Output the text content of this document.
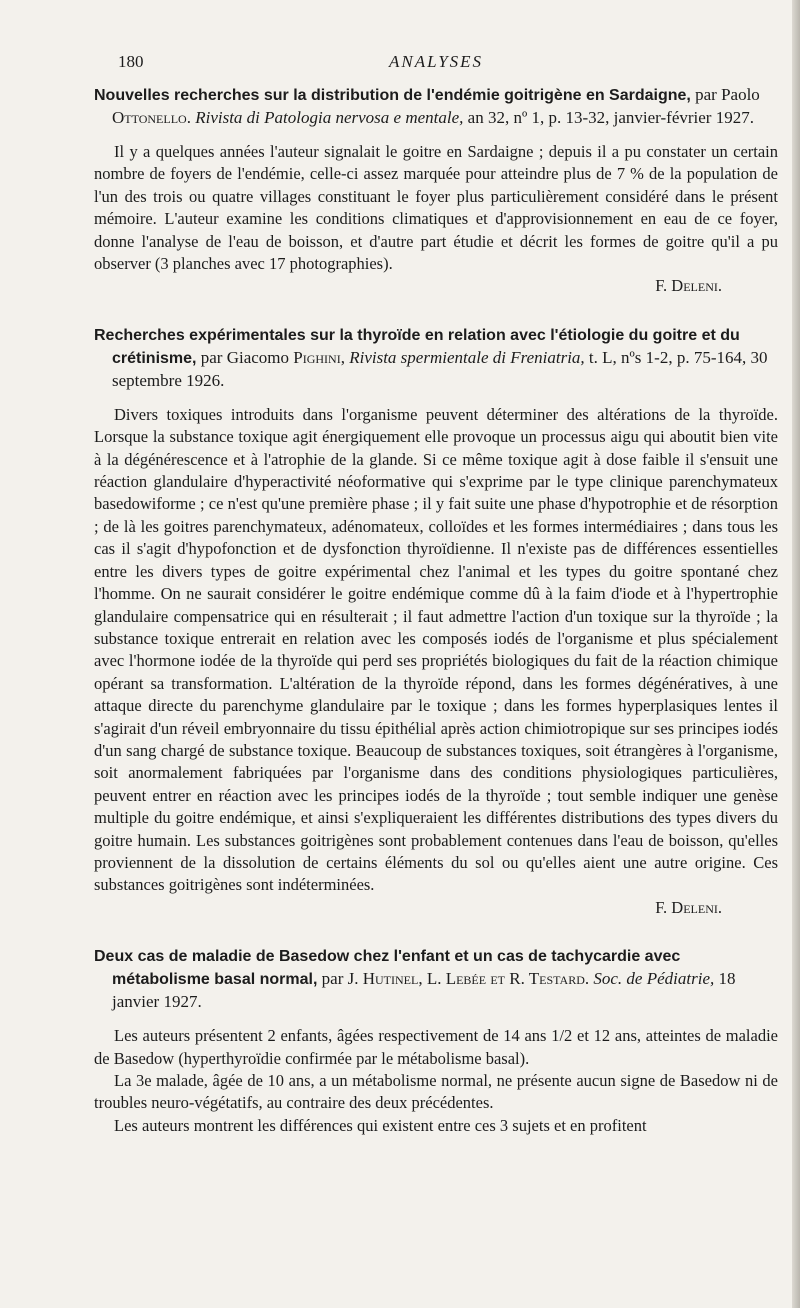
180	ANALYSES

Nouvelles recherches sur la distribution de l'endémie goitrigène en Sardaigne, par Paolo Ottonello. Rivista di Patologia nervosa e mentale, an 32, nº 1, p. 13-32, janvier-février 1927.

Il y a quelques années l'auteur signalait le goitre en Sardaigne ; depuis il a pu constater un certain nombre de foyers de l'endémie, celle-ci assez marquée pour atteindre plus de 7 % de la population de l'un des trois ou quatre villages constituant le foyer plus particulièrement considéré dans le présent mémoire. L'auteur examine les conditions climatiques et d'approvisionnement en eau de ce foyer, donne l'analyse de l'eau de boisson, et d'autre part étudie et décrit les formes de goitre qu'il a pu observer (3 planches avec 17 photographies).

F. Deleni.

Recherches expérimentales sur la thyroïde en relation avec l'étiologie du goitre et du crétinisme, par Giacomo Pighini, Rivista spermientale di Freniatria, t. L, nºs 1-2, p. 75-164, 30 septembre 1926.

Divers toxiques introduits dans l'organisme peuvent déterminer des altérations de la thyroïde. Lorsque la substance toxique agit énergiquement elle provoque un processus aigu qui aboutit bien vite à la dégénérescence et à l'atrophie de la glande. Si ce même toxique agit à dose faible il s'ensuit une réaction glandulaire d'hyperactivité néoformative qui s'exprime par le type clinique parenchymateux basedowiforme ; ce n'est qu'une première phase ; il y fait suite une phase d'hypotrophie et de résorption ; de là les goitres parenchymateux, adénomateux, colloïdes et les formes intermédiaires ; dans tous les cas il s'agit d'hypofonction et de dysfonction thyroïdienne. Il n'existe pas de différences essentielles entre les divers types de goitre expérimental chez l'animal et les types du goitre spontané chez l'homme. On ne saurait considérer le goitre endémique comme dû à la faim d'iode et à l'hypertrophie glandulaire compensatrice qui en résulterait ; il faut admettre l'action d'un toxique sur la thyroïde ; la substance toxique entrerait en relation avec les composés iodés de l'organisme et plus spécialement avec l'hormone iodée de la thyroïde qui perd ses propriétés biologiques du fait de la réaction chimique opérant sa transformation. L'altération de la thyroïde répond, dans les formes dégénératives, à une attaque directe du parenchyme glandulaire par le toxique ; dans les formes hyperplasiques lentes il s'agirait d'un réveil embryonnaire du tissu épithélial après action chimiotropique sur ses principes iodés d'un sang chargé de substance toxique. Beaucoup de substances toxiques, soit étrangères à l'organisme, soit anormalement fabriquées par l'organisme dans des conditions physiologiques particulières, peuvent entrer en réaction avec les principes iodés de la thyroïde ; tout semble indiquer une genèse multiple du goitre endémique, et ainsi s'expliqueraient les différentes distributions des types divers du goitre humain. Les substances goitrigènes sont probablement contenues dans l'eau de boisson, qu'elles proviennent de la dissolution de certains éléments du sol ou qu'elles aient une autre origine. Ces substances goitrigènes sont indéterminées.

F. Deleni.

Deux cas de maladie de Basedow chez l'enfant et un cas de tachycardie avec métabolisme basal normal, par J. Hutinel, L. Lebée et R. Testard. Soc. de Pédiatrie, 18 janvier 1927.

Les auteurs présentent 2 enfants, âgées respectivement de 14 ans 1/2 et 12 ans, atteintes de maladie de Basedow (hyperthyroïdie confirmée par le métabolisme basal).

La 3e malade, âgée de 10 ans, a un métabolisme normal, ne présente aucun signe de Basedow ni de troubles neuro-végétatifs, au contraire des deux précédentes.

Les auteurs montrent les différences qui existent entre ces 3 sujets et en profitent
